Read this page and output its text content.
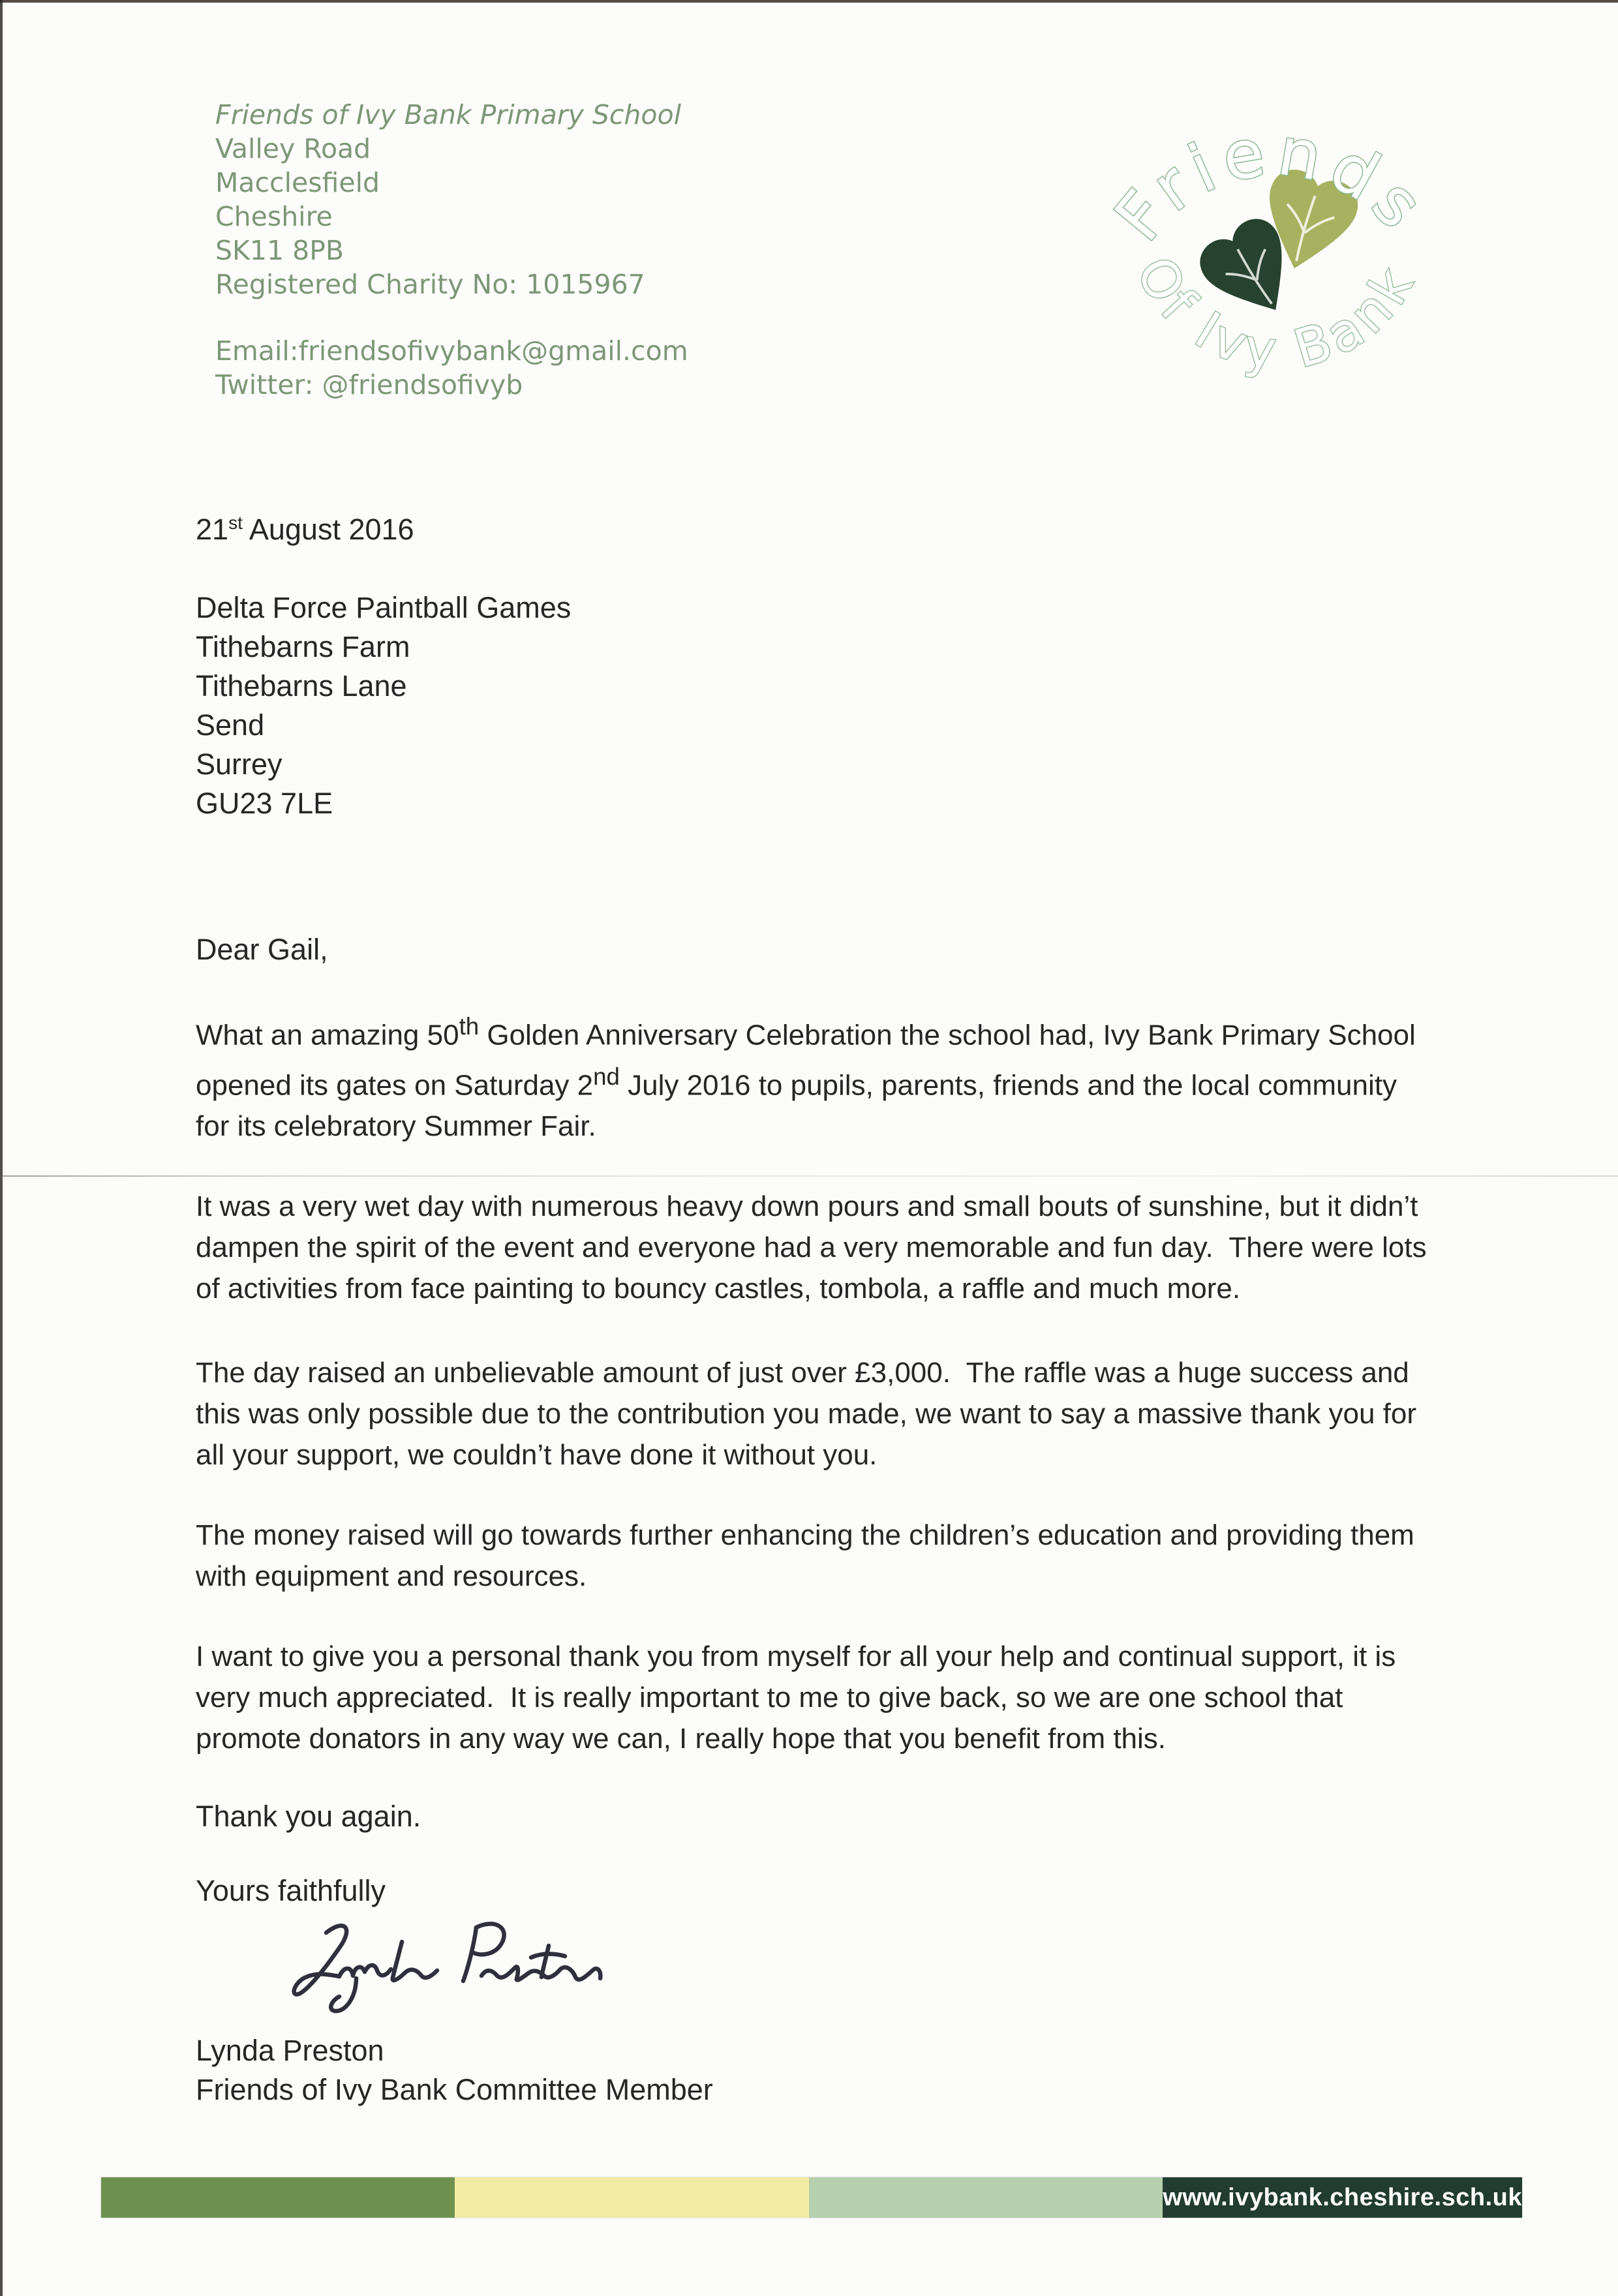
Friends
Of Ivy Bank
Friends of Ivy Bank Primary School
Valley Road
Macclesfield
Cheshire
SK11 8PB
Registered Charity No: 1015967
Email:friendsofivybank@gmail.com
Twitter: @friendsofivyb
21st August 2016
Delta Force Paintball Games
Tithebarns Farm
Tithebarns Lane
Send
Surrey
GU23 7LE
Dear Gail,
What an amazing 50th Golden Anniversary Celebration the school had, Ivy Bank Primary School opened its gates on Saturday 2nd July 2016 to pupils, parents, friends and the local community for its celebratory Summer Fair.
It was a very wet day with numerous heavy down pours and small bouts of sunshine, but it didn’t dampen the spirit of the event and everyone had a very memorable and fun day.  There were lots of activities from face painting to bouncy castles, tombola, a raffle and much more.
The day raised an unbelievable amount of just over £3,000.  The raffle was a huge success and this was only possible due to the contribution you made, we want to say a massive thank you for all your support, we couldn’t have done it without you.
The money raised will go towards further enhancing the children’s education and providing them with equipment and resources.
I want to give you a personal thank you from myself for all your help and continual support, it is very much appreciated.  It is really important to me to give back, so we are one school that promote donators in any way we can, I really hope that you benefit from this.
Thank you again.
Yours faithfully
Lynda Preston
Friends of Ivy Bank Committee Member
www.ivybank.cheshire.sch.uk
